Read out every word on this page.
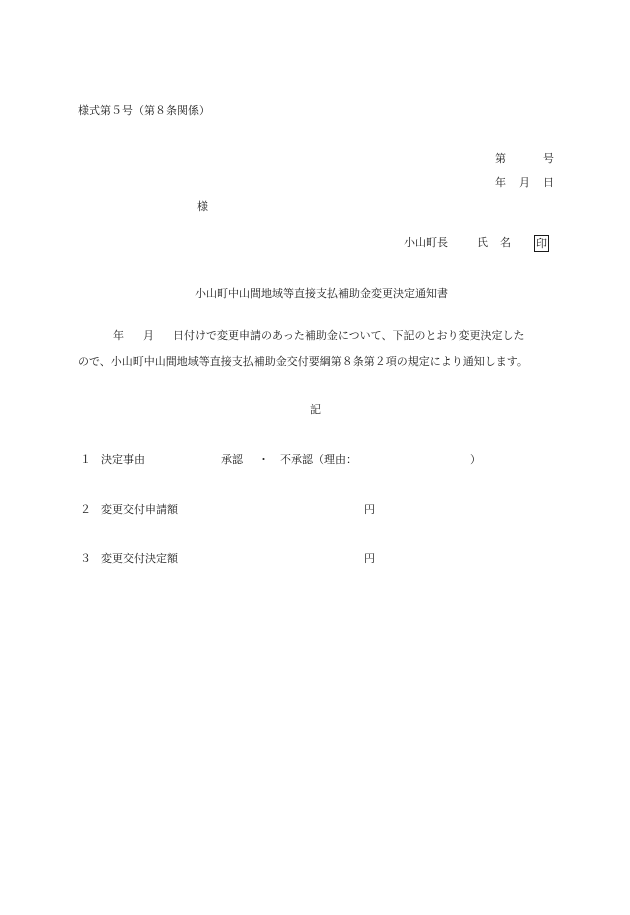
様式第５号（第８条関係）
第	号
年 月 日
様
小山町長	氏 名 印
小山町中山間地域等直接支払補助金変更決定通知書
年 月 日付けで変更申請のあった補助金について、下記のとおり変更決定した
ので、小山町中山間地域等直接支払補助金交付要綱第８条第２項の規定により通知します。
記
１ 決定事由	承認 ・ 不承認（理由：	）
２ 変更交付申請額	円
３ 変更交付決定額	円
